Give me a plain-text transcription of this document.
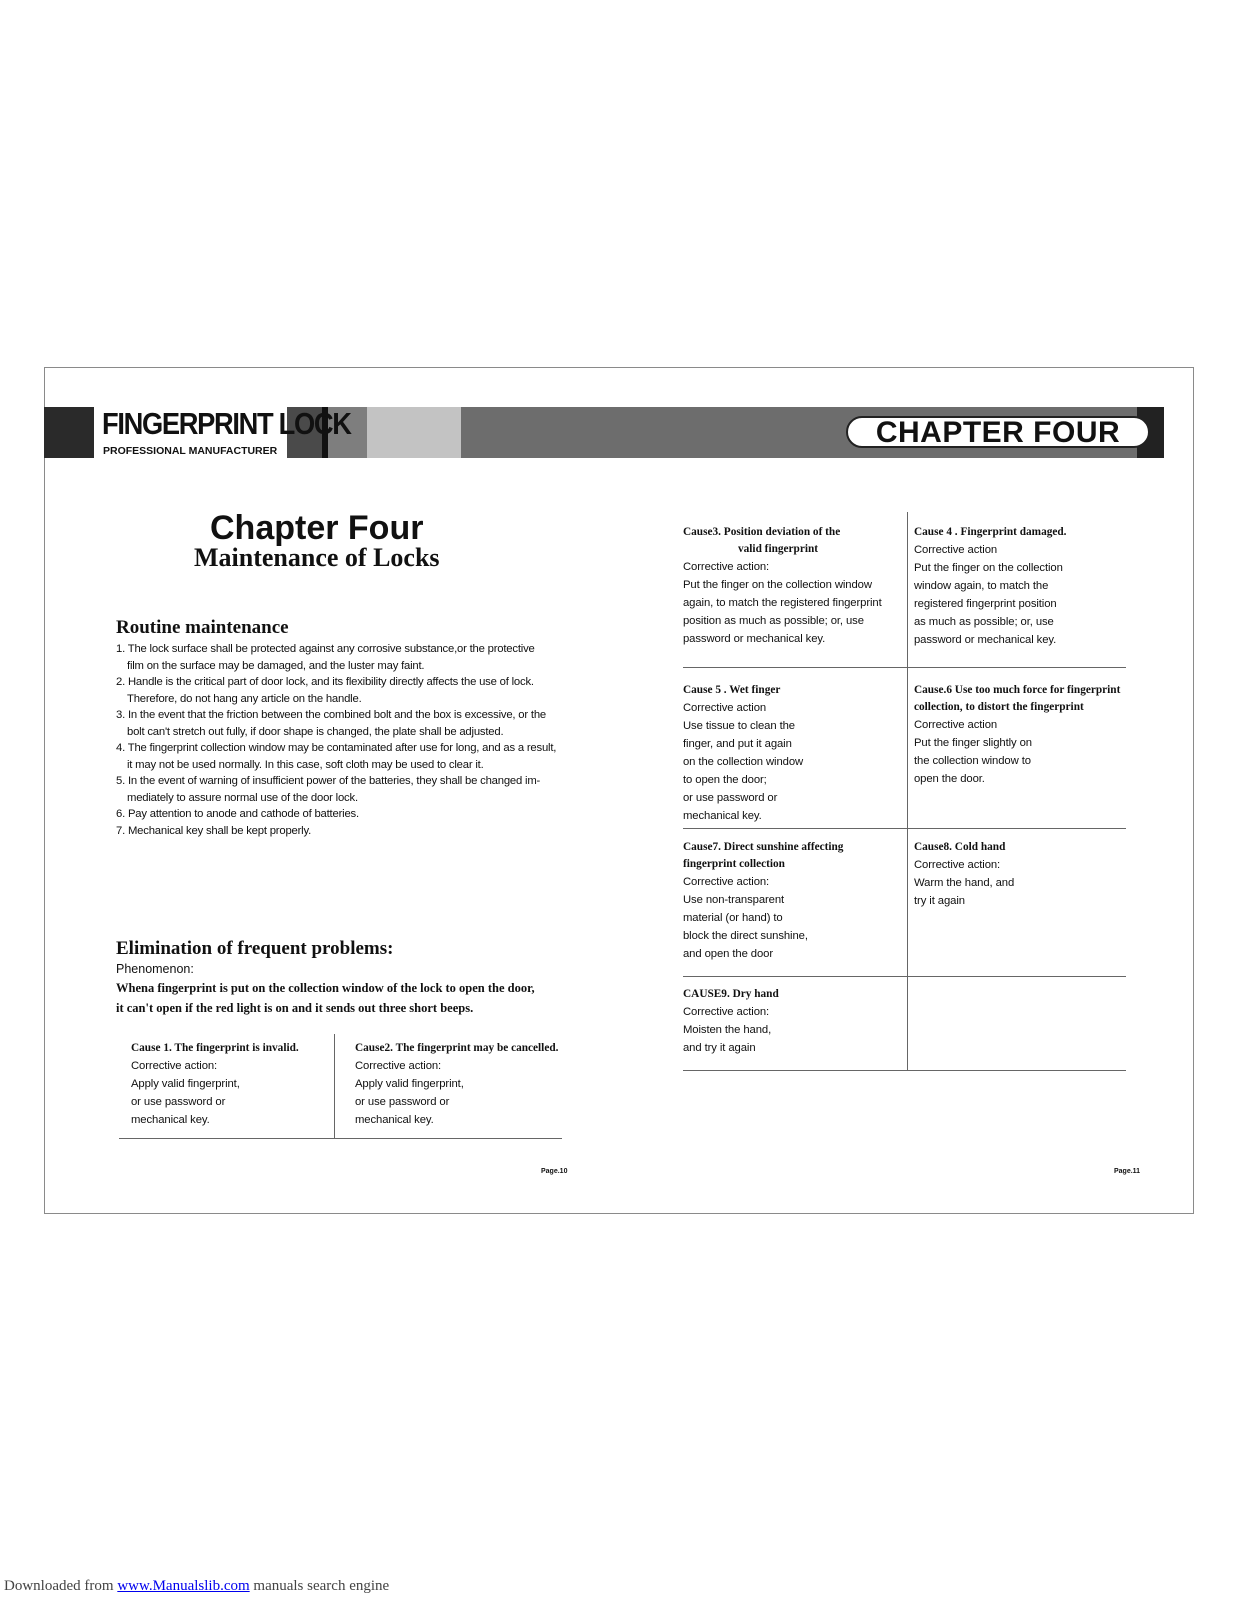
FINGERPRINT LOCK
PROFESSIONAL MANUFACTURER
CHAPTER FOUR
Chapter Four
Maintenance of Locks
Routine maintenance
1. The lock surface shall be protected against any corrosive substance,or the protective
film on the surface may be damaged, and the luster may faint.
2. Handle is the critical part of door lock, and its flexibility directly affects the use of lock.
Therefore, do not hang any article on the handle.
3. In the event that the friction between the combined bolt and the box is excessive, or the
bolt can't stretch out fully, if door shape is changed, the plate shall be adjusted.
4. The fingerprint collection window may be contaminated after use for long, and as a result,
it may not be used normally. In this case, soft cloth may be used to clear it.
5. In the event of warning of insufficient power of the batteries, they shall be changed im-
mediately to assure normal use of the door lock.
6. Pay attention to anode and cathode of batteries.
7. Mechanical key shall be kept properly.
Elimination of frequent problems:
Phenomenon:
Whena fingerprint is put on the collection window of the lock to open the door,
it can't open if the red light is on and it sends out three short beeps.
Cause 1. The fingerprint is invalid.
Corrective action:
Apply valid fingerprint,
or use password or
mechanical key.
Cause2. The fingerprint may be cancelled.
Corrective action:
Apply valid fingerprint,
or use password or
mechanical key.
Page.10
Cause3. Position deviation of the
valid fingerprint
Corrective action:
Put the finger on the collection window
again, to match the registered fingerprint
position as much as possible; or, use
password or mechanical key.
Cause 4 . Fingerprint damaged.
Corrective action
Put the finger on the collection
window again, to match the
registered fingerprint position
as much as possible; or, use
password or mechanical key.
Cause 5 . Wet finger
Corrective action
Use tissue to clean the
finger, and put it again
on the collection window
to open the door;
or use password or
mechanical key.
Cause.6 Use too much force for fingerprint
collection, to distort the fingerprint
Corrective action
Put the finger slightly on
the collection window to
open the door.
Cause7. Direct sunshine affecting
fingerprint collection
Corrective action:
Use non-transparent
material (or hand) to
block the direct sunshine,
and open the door
Cause8. Cold hand
Corrective action:
Warm the hand, and
try it again
CAUSE9. Dry hand
Corrective action:
Moisten the hand,
and try it again
Page.11
Downloaded from www.Manualslib.com manuals search engine
